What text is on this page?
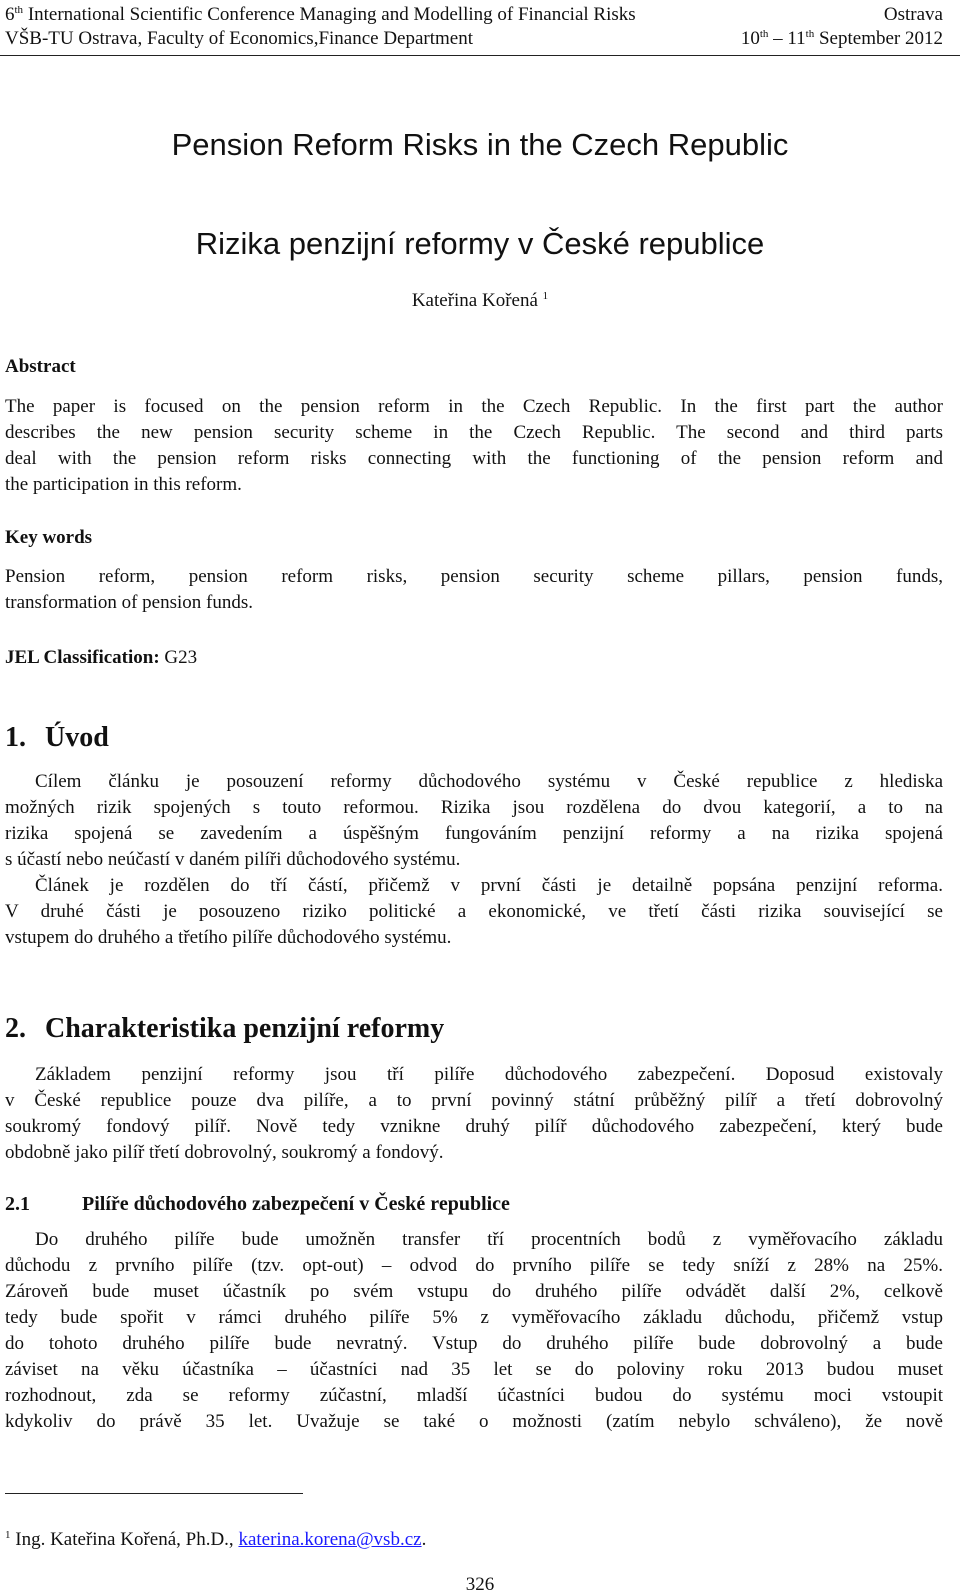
6th International Scientific Conference Managing and Modelling of Financial Risks	Ostrava
VŠB-TU Ostrava, Faculty of Economics,Finance Department	10th – 11th September 2012
Pension Reform Risks in the Czech Republic
Rizika penzijní reformy v České republice
Kateřina Kořená $^1$
Abstract
The paper is focused on the pension reform in the Czech Republic. In the first part the author
describes the new pension security scheme in the Czech Republic. The second and third parts
deal with the pension reform risks connecting with the functioning of the pension reform and
the participation in this reform.
Key words
Pension reform, pension reform risks, pension security scheme pillars, pension funds,
transformation of pension funds.
JEL Classification: G23
1. Úvod
Cílem článku je posouzení reformy důchodového systému v České republice z hlediska
možných rizik spojených s touto reformou. Rizika jsou rozdělena do dvou kategorií, a to na
rizika spojená se zavedením a úspěšným fungováním penzijní reformy a na rizika spojená
s účastí nebo neúčastí v daném pilíři důchodového systému.
Článek je rozdělen do tří částí, přičemž v první části je detailně popsána penzijní reforma.
V druhé části je posouzeno riziko politické a ekonomické, ve třetí části rizika související se
vstupem do druhého a třetího pilíře důchodového systému.
2. Charakteristika penzijní reformy
Základem penzijní reformy jsou tří pilíře důchodového zabezpečení. Doposud existovaly
v České republice pouze dva pilíře, a to první povinný státní průběžný pilíř a třetí dobrovolný
soukromý fondový pilíř. Nově tedy vznikne druhý pilíř důchodového zabezpečení, který bude
obdobně jako pilíř třetí dobrovolný, soukromý a fondový.
2.1	Pilíře důchodového zabezpečení v České republice
Do druhého pilíře bude umožněn transfer tří procentních bodů z vyměřovacího základu
důchodu z prvního pilíře (tzv. opt-out) – odvod do prvního pilíře se tedy sníží z 28% na 25%.
Zároveň bude muset účastník po svém vstupu do druhého pilíře odvádět další 2%, celkově
tedy bude spořit v rámci druhého pilíře 5% z vyměřovacího základu důchodu, přičemž vstup
do tohoto druhého pilíře bude nevratný. Vstup do druhého pilíře bude dobrovolný a bude
záviset na věku účastníka – účastníci nad 35 let se do poloviny roku 2013 budou muset
rozhodnout, zda se reformy zúčastní, mladší účastníci budou do systému moci vstoupit
kdykoliv do právě 35 let. Uvažuje se také o možnosti (zatím nebylo schváleno), že nově
$^1$ Ing. Kateřina Kořená, Ph.D., katerina.korena@vsb.cz.
326
